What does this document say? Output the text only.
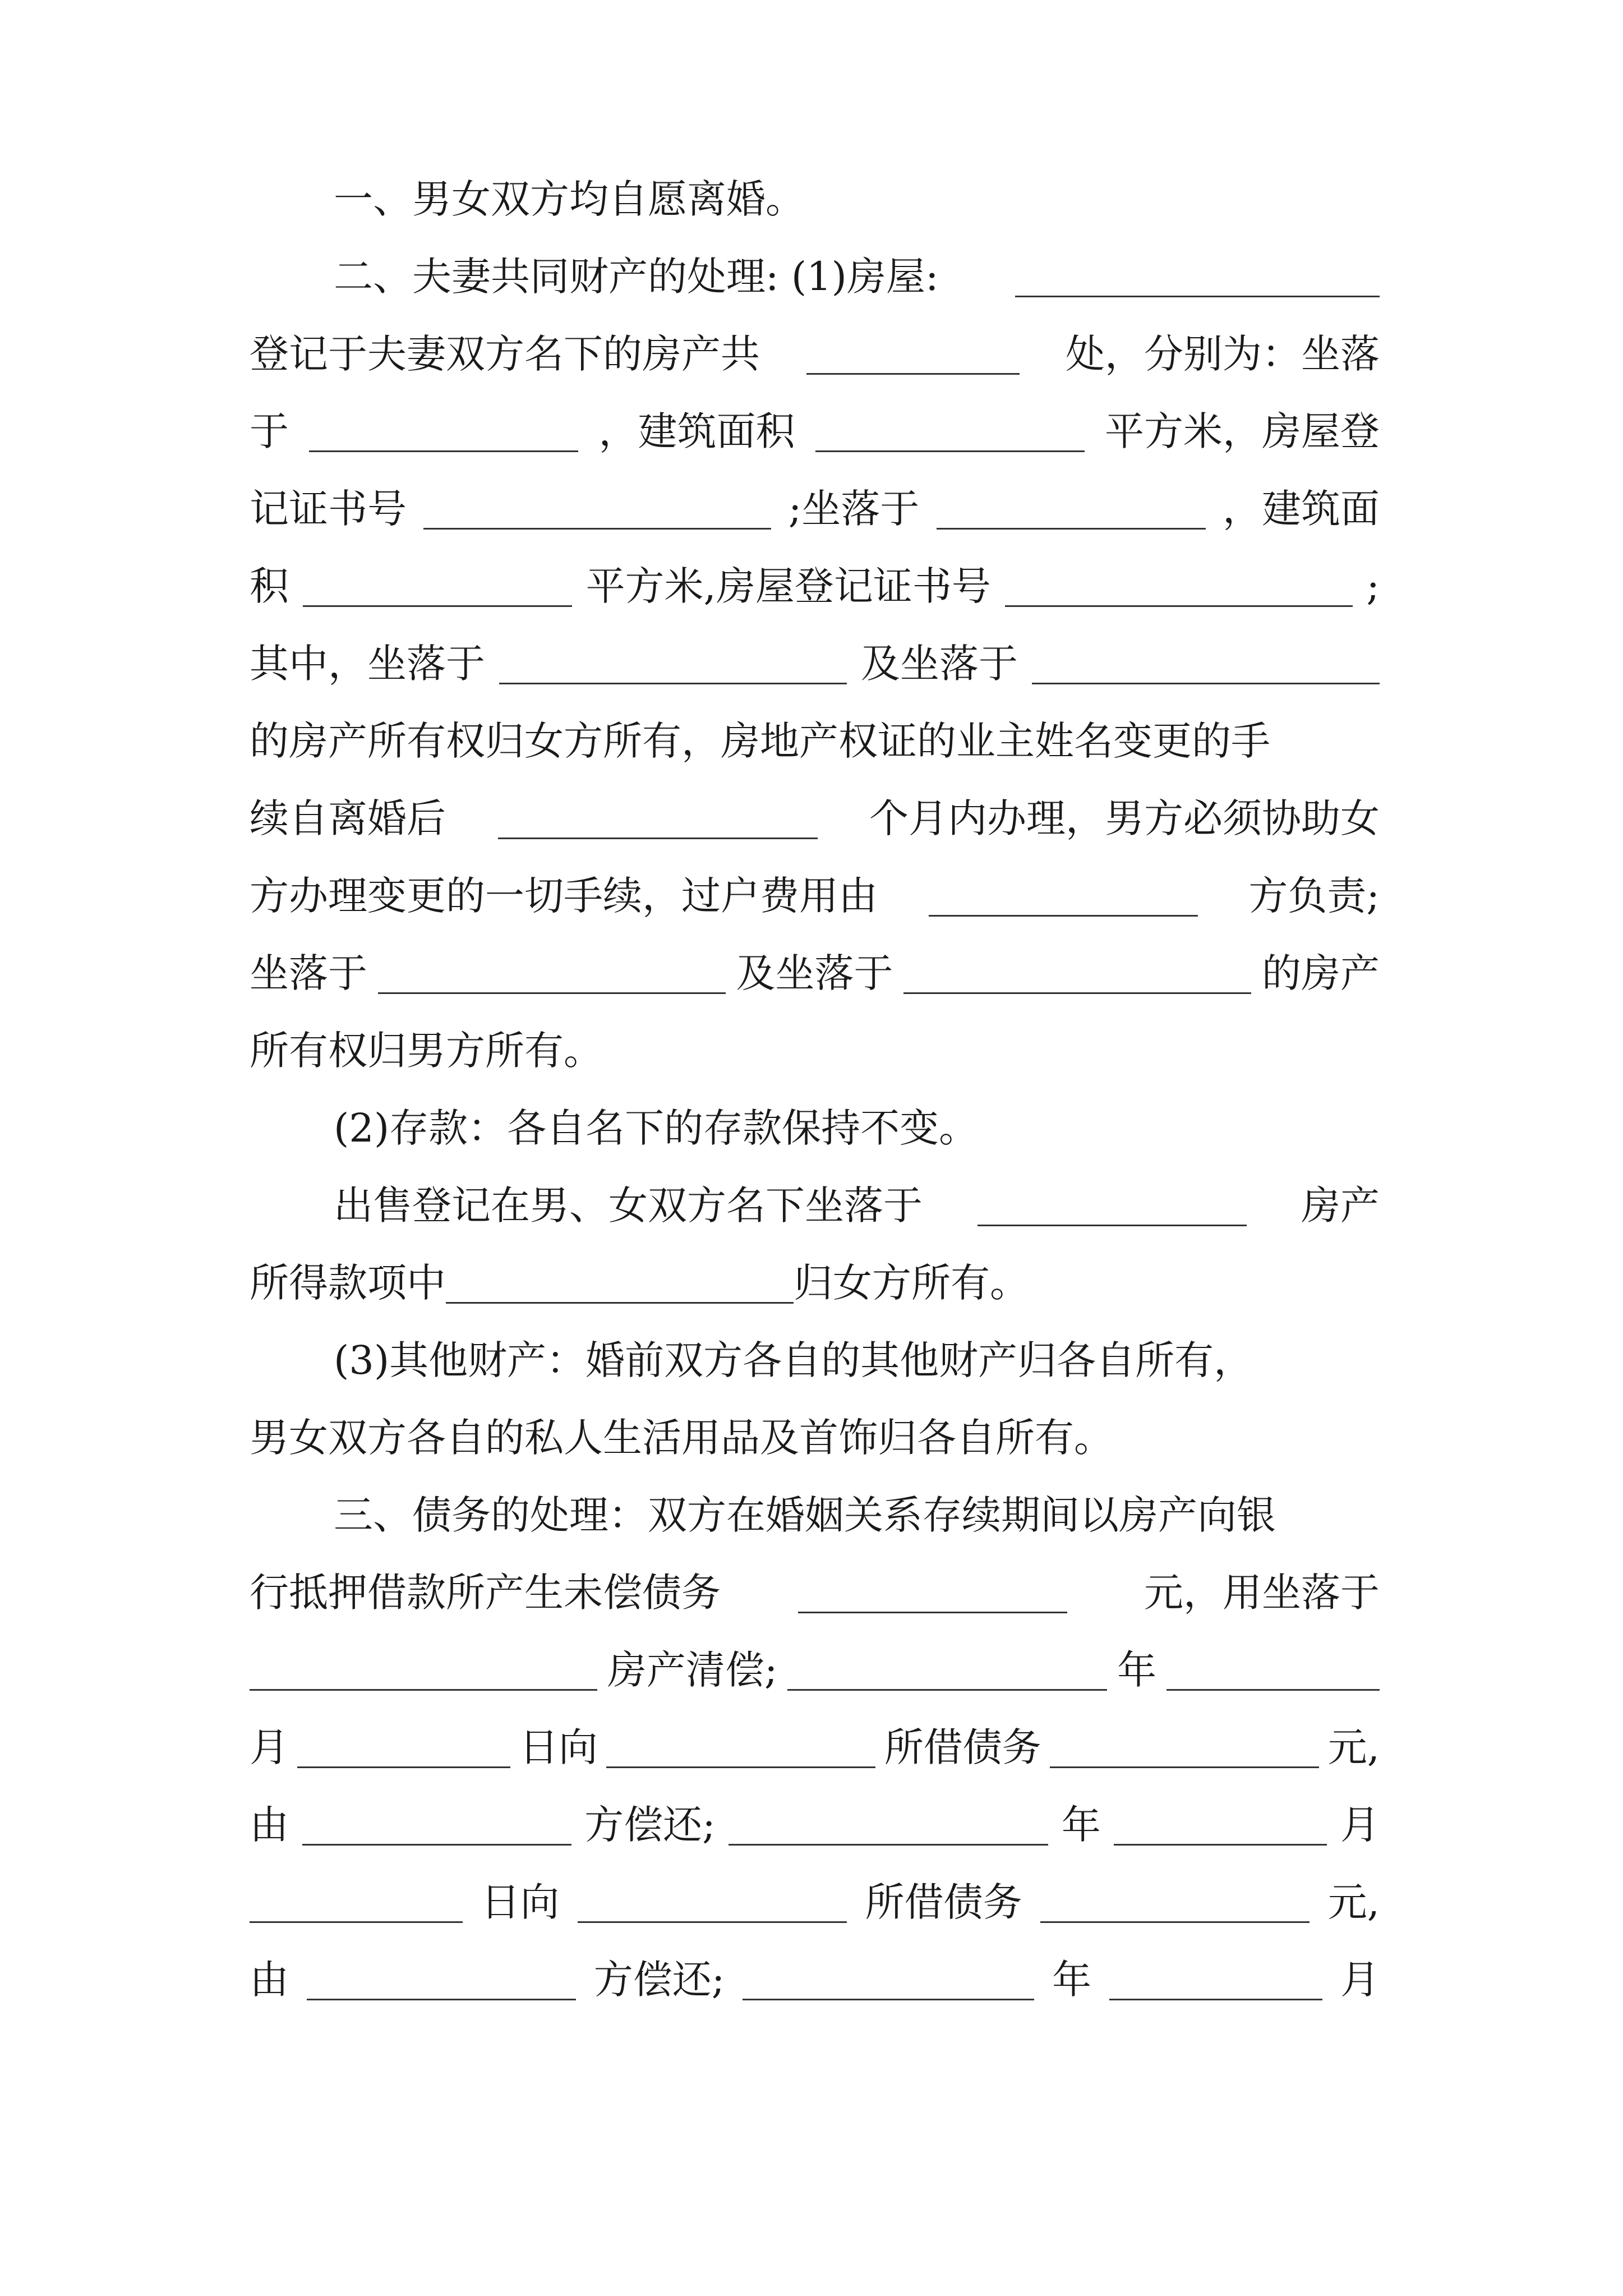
一、男女双方均自愿离婚。
二、夫妻共同财产的处理: (1)房屋:
登记于夫妻双方名下的房产共	处，分别为：坐落
于	，建筑面积	平方米，房屋登
记证书号	;坐落于	，建筑面
积	平方米,房屋登记证书号	;
其中，坐落于	及坐落于
的房产所有权归女方所有，房地产权证的业主姓名变更的手
续自离婚后	个月内办理，男方必须协助女
方办理变更的一切手续，过户费用由	方负责;
坐落于	及坐落于	的房产
所有权归男方所有。
(2)存款：各自名下的存款保持不变。
出售登记在男、女双方名下坐落于	房产
所得款项中	归女方所有。
(3)其他财产：婚前双方各自的其他财产归各自所有，
男女双方各自的私人生活用品及首饰归各自所有。
三、债务的处理：双方在婚姻关系存续期间以房产向银
行抵押借款所产生未偿债务	元，用坐落于
房产清偿;	年
月	日向	所借债务	元,
由	方偿还;	年	月
日向	所借债务	元,
由	方偿还;	年	月
